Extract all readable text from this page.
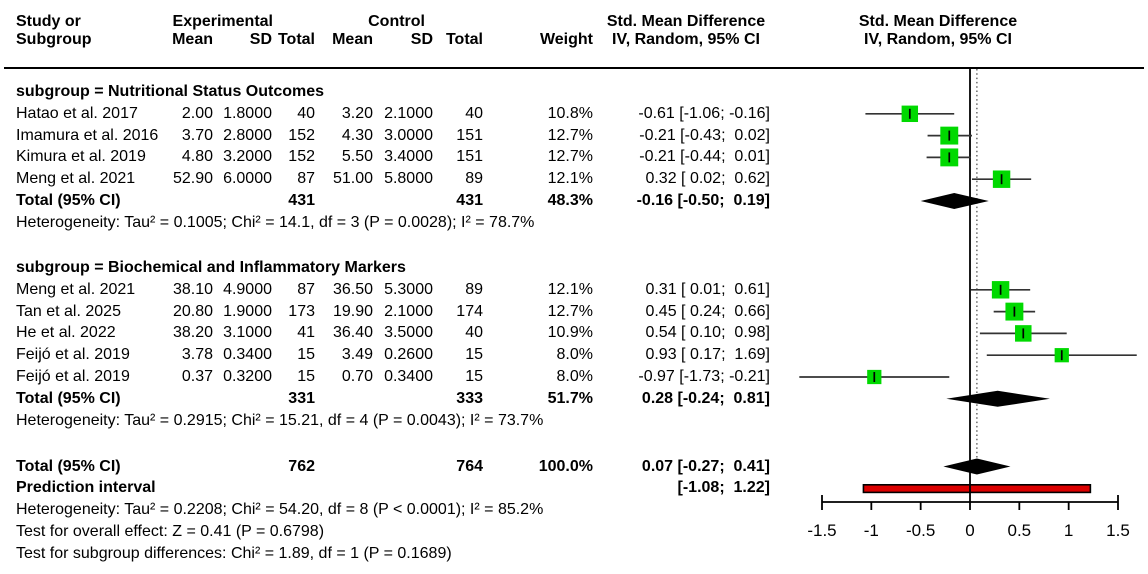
Study or
Subgroup
Experimental	Control
Mean SD Total Mean SD Total	Weight
Std. Mean Difference
IV, Random, 95% CI
Std. Mean Difference
IV, Random, 95% CI
-1.5 -1 -0.5 0 0.5 1 1.5
subgroup = Nutritional Status Outcomes
Hatao et al. 2017	2.00 1.8000 40 3.20 2.1000 40	10.8%	-0.61 [-1.06; -0.16]
Imamura et al. 2016 3.70 2.8000 152 4.30 3.0000 151	12.7%	-0.21 [-0.43;  0.02]
Kimura et al. 2019 4.80 3.2000 152 5.50 3.4000 151	12.7%	-0.21 [-0.44;  0.01]
Meng et al. 2021 52.90 6.0000 87 51.00 5.8000 89	12.1%	0.32 [ 0.02;  0.62]
Total (95% CI)	431	431	48.3%	-0.16 [-0.50;  0.19]
Heterogeneity: Tau² = 0.1005; Chi² = 14.1, df = 3 (P = 0.0028); I² = 78.7%
subgroup = Biochemical and Inflammatory Markers
Meng et al. 2021 38.10 4.9000 87 36.50 5.3000 89	12.1%	0.31 [ 0.01;  0.61]
Tan et al. 2025	20.80 1.9000 173 19.90 2.1000 174	12.7%	0.45 [ 0.24;  0.66]
He et al. 2022	38.20 3.1000 41 36.40 3.5000 40	10.9%	0.54 [ 0.10;  0.98]
Feijó et al. 2019	3.78 0.3400 15 3.49 0.2600 15	8.0%	0.93 [ 0.17;  1.69]
Feijó et al. 2019	0.37 0.3200 15 0.70 0.3400 15	8.0%	-0.97 [-1.73; -0.21]
Total (95% CI)	331	333	51.7%	0.28 [-0.24;  0.81]
Heterogeneity: Tau² = 0.2915; Chi² = 15.21, df = 4 (P = 0.0043); I² = 73.7%
Total (95% CI)	762	764	100.0%	0.07 [-0.27;  0.41]
Prediction interval	[-1.08;  1.22]
Heterogeneity: Tau² = 0.2208; Chi² = 54.20, df = 8 (P < 0.0001); I² = 85.2%
Test for overall effect: Z = 0.41 (P = 0.6798)
Test for subgroup differences: Chi² = 1.89, df = 1 (P = 0.1689)
